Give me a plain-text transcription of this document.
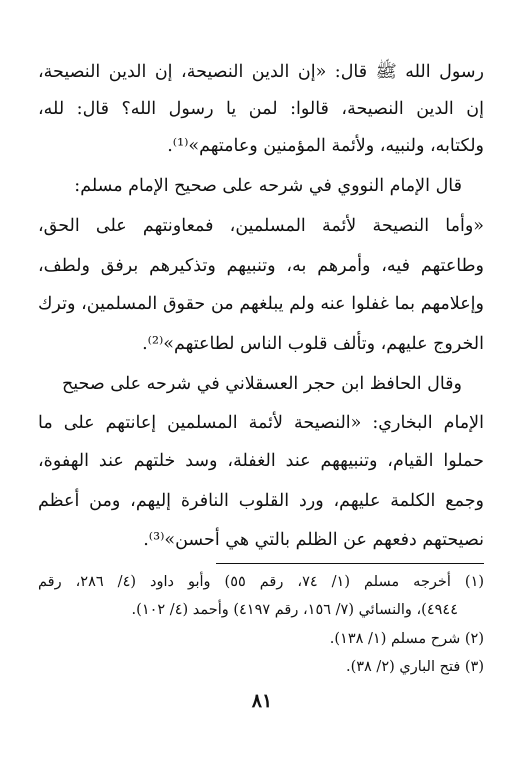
رسول الله ﷺ قال: «إن الدين النصيحة، إن الدين النصيحة،
إن الدين النصيحة، قالوا: لمن يا رسول الله؟ قال: لله،
ولكتابه، ولنبيه، ولأئمة المؤمنين وعامتهم»⁽¹⁾.
قال الإمام النووي في شرحه على صحيح الإمام مسلم:
«وأما النصيحة لأئمة المسلمين، فمعاونتهم على الحق،
وطاعتهم فيه، وأمرهم به، وتنبيهم وتذكيرهم برفق ولطف،
وإعلامهم بما غفلوا عنه ولم يبلغهم من حقوق المسلمين، وترك
الخروج عليهم، وتألف قلوب الناس لطاعتهم»⁽²⁾.
وقال الحافظ ابن حجر العسقلاني في شرحه على صحيح
الإمام البخاري: «النصيحة لأئمة المسلمين إعانتهم على ما
حملوا القيام، وتنبيههم عند الغفلة، وسد خلتهم عند الهفوة،
وجمع الكلمة عليهم، ورد القلوب النافرة إليهم، ومن أعظم
نصيحتهم دفعهم عن الظلم بالتي هي أحسن»⁽³⁾.
(١) أخرجه مسلم (١/ ٧٤، رقم ٥٥) وأبو داود (٤/ ٢٨٦، رقم
٤٩٤٤)، والنسائي (٧/ ١٥٦، رقم ٤١٩٧) وأحمد (٤/ ١٠٢).
(٢) شرح مسلم (١/ ١٣٨).
(٣) فتح الباري (٢/ ٣٨).
٨١
